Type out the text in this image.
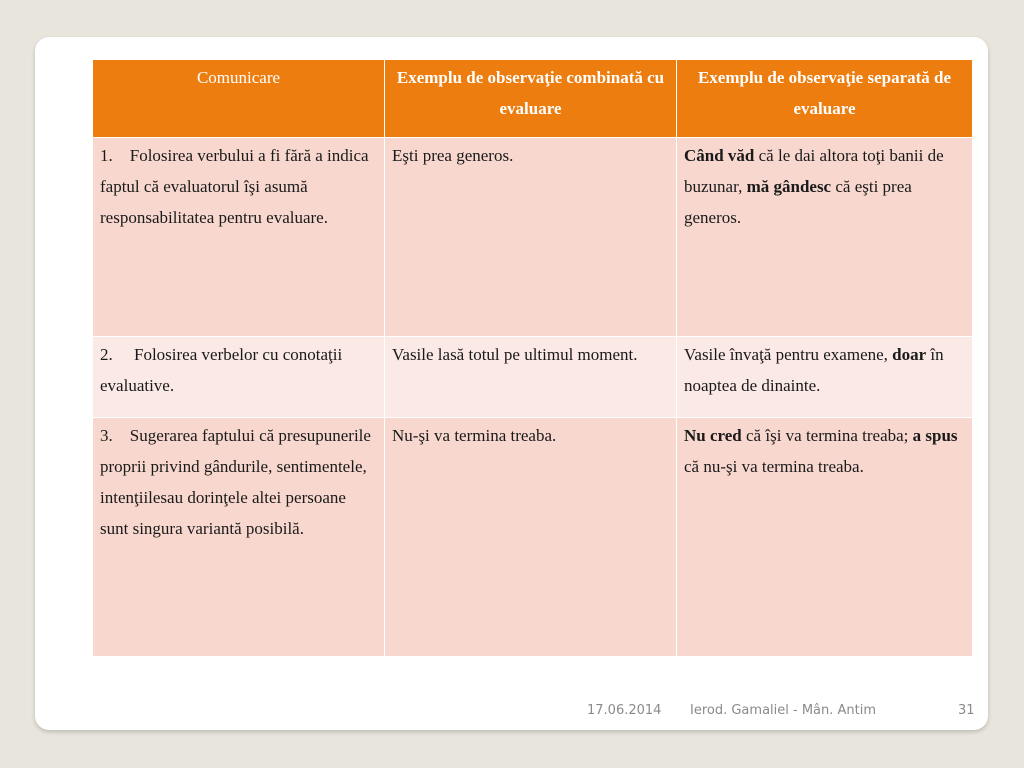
Comunicare	Exemplu de observaţie combinată cu evaluare	Exemplu de observaţie separată de evaluare
1. Folosirea verbului a fi fără a indica faptul că evaluatorul îşi asumă responsabilitatea pentru evaluare.	Eşti prea generos.	Când văd că le dai altora toţi banii de buzunar, mă gândesc că eşti prea generos.
2. Folosirea verbelor cu conotaţii evaluative.	Vasile lasă totul pe ultimul moment.	Vasile învaţă pentru examene, doar în noaptea de dinainte.
3. Sugerarea faptului că presupunerile proprii privind gândurile, sentimentele, intenţiilesau dorinţele altei persoane sunt singura variantă posibilă.	Nu-şi va termina treaba.	Nu cred că îşi va termina treaba; a spus că nu-şi va termina treaba.
17.06.2014 Ierod. Gamaliel - Mân. Antim	31
